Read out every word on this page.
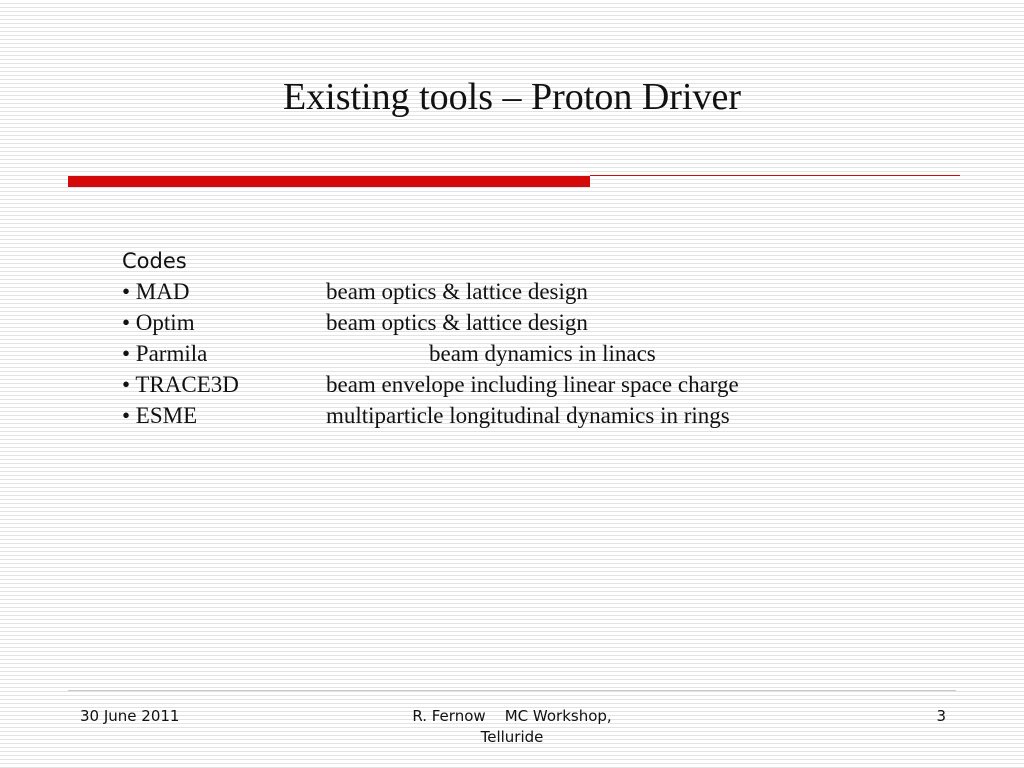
Existing tools – Proton Driver
Codes
• MAD	beam optics & lattice design
• Optim	beam optics & lattice design
• Parmila	beam dynamics in linacs
• TRACE3D	beam envelope including linear space charge
• ESME	multiparticle longitudinal dynamics in rings
30 June 2011	R. Fernow    MC Workshop,
Telluride
3
